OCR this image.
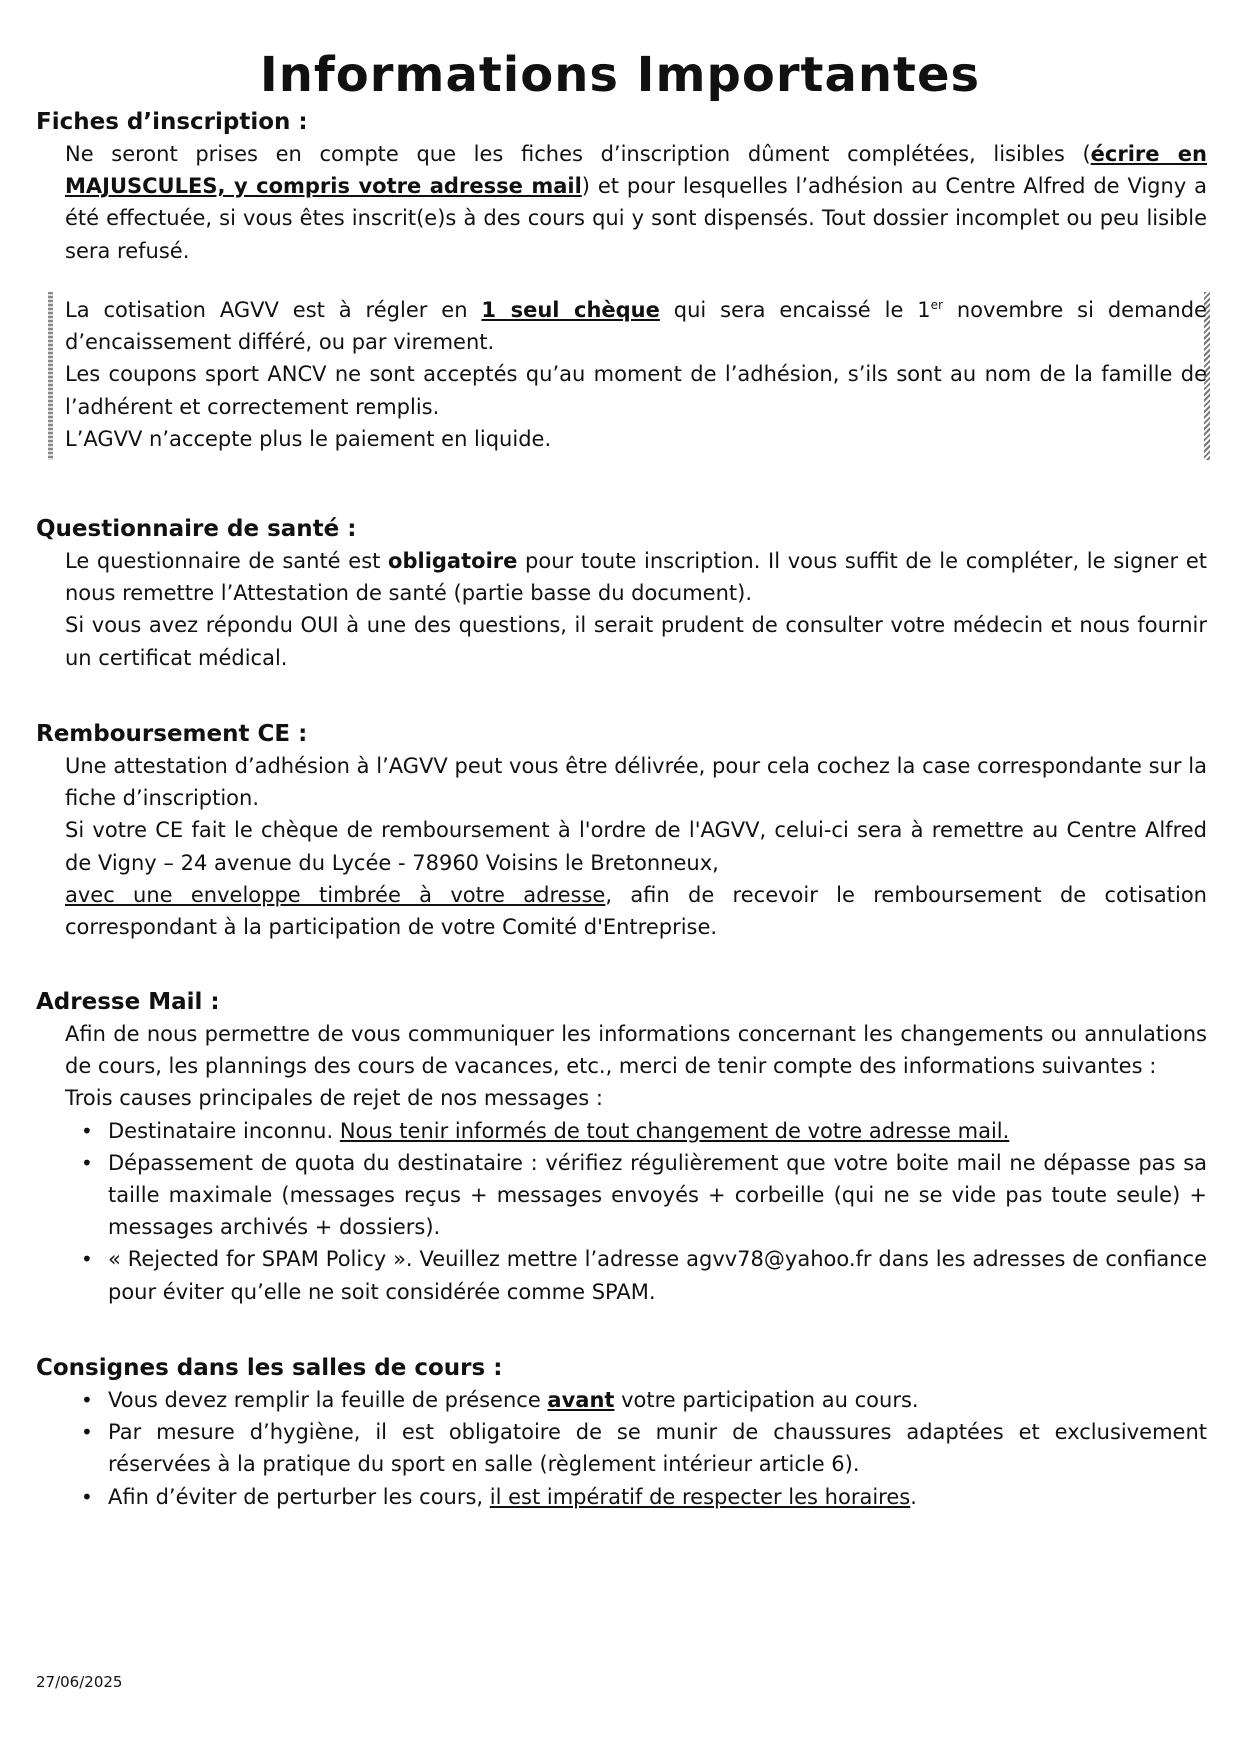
Informations Importantes
Fiches d’inscription :

Ne seront prises en compte que les fiches d’inscription dûment complétées, lisibles (écrire en MAJUSCULES, y compris votre adresse mail) et pour lesquelles l’adhésion au Centre Alfred de Vigny a été effectuée, si vous êtes inscrit(e)s à des cours qui y sont dispensés. Tout dossier incomplet ou peu lisible sera refusé.

La cotisation AGVV est à régler en 1 seul chèque qui sera encaissé le 1er novembre si demande d’encaissement différé, ou par virement.

Les coupons sport ANCV ne sont acceptés qu’au moment de l’adhésion, s’ils sont au nom de la famille de l’adhérent et correctement remplis.

L’AGVV n’accepte plus le paiement en liquide.

Questionnaire de santé :

Le questionnaire de santé est obligatoire pour toute inscription. Il vous suffit de le compléter, le signer et nous remettre l’Attestation de santé (partie basse du document).

Si vous avez répondu OUI à une des questions, il serait prudent de consulter votre médecin et nous fournir un certificat médical.

Remboursement CE :

Une attestation d’adhésion à l’AGVV peut vous être délivrée, pour cela cochez la case correspondante sur la fiche d’inscription.

Si votre CE fait le chèque de remboursement à l'ordre de l'AGVV, celui-ci sera à remettre au Centre Alfred de Vigny – 24 avenue du Lycée - 78960 Voisins le Bretonneux,

avec une enveloppe timbrée à votre adresse, afin de recevoir le remboursement de cotisation correspondant à la participation de votre Comité d'Entreprise.

Adresse Mail :

Afin de nous permettre de vous communiquer les informations concernant les changements ou annulations de cours, les plannings des cours de vacances, etc., merci de tenir compte des informations suivantes :

Trois causes principales de rejet de nos messages :

• Destinataire inconnu. Nous tenir informés de tout changement de votre adresse mail.
• Dépassement de quota du destinataire : vérifiez régulièrement que votre boite mail ne dépasse pas sa taille maximale (messages reçus + messages envoyés + corbeille (qui ne se vide pas toute seule) + messages archivés + dossiers).
• « Rejected for SPAM Policy ». Veuillez mettre l’adresse agvv78@yahoo.fr dans les adresses de confiance pour éviter qu’elle ne soit considérée comme SPAM.
Consignes dans les salles de cours :
• Vous devez remplir la feuille de présence avant votre participation au cours.
• Par mesure d’hygiène, il est obligatoire de se munir de chaussures adaptées et exclusivement réservées à la pratique du sport en salle (règlement intérieur article 6).
• Afin d’éviter de perturber les cours, il est impératif de respecter les horaires.
27/06/2025
